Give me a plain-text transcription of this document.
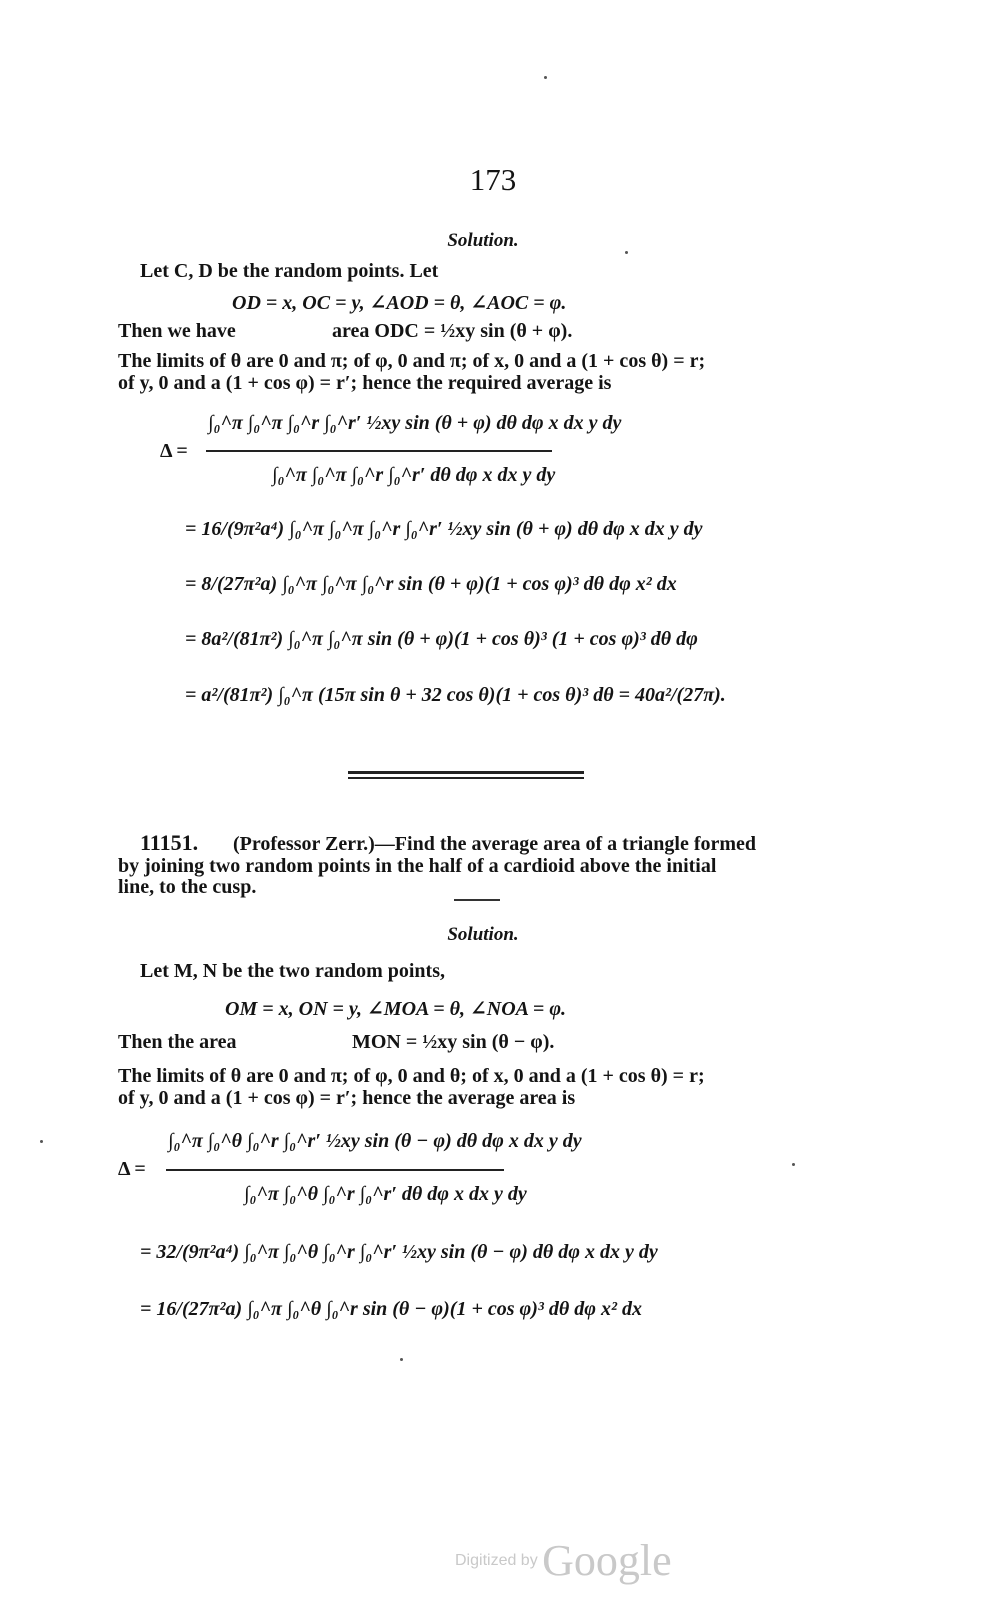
173
Solution.
Let C, D be the random points. Let
OD = x, OC = y, ∠AOD = θ, ∠AOC = φ.
Then we have	area ODC = ½xy sin (θ + φ).
The limits of θ are 0 and π; of φ, 0 and π; of x, 0 and a (1 + cos θ) = r;
of y, 0 and a (1 + cos φ) = r′; hence the required average is
Δ =
∫₀^π ∫₀^π ∫₀^r ∫₀^r′ ½xy sin (θ + φ) dθ dφ x dx y dy
∫₀^π ∫₀^π ∫₀^r ∫₀^r′ dθ dφ x dx y dy
= 16/(9π²a⁴) ∫₀^π ∫₀^π ∫₀^r ∫₀^r′ ½xy sin (θ + φ) dθ dφ x dx y dy
= 8/(27π²a) ∫₀^π ∫₀^π ∫₀^r sin (θ + φ)(1 + cos φ)³ dθ dφ x² dx
= 8a²/(81π²) ∫₀^π ∫₀^π sin (θ + φ)(1 + cos θ)³ (1 + cos φ)³ dθ dφ
= a²/(81π²) ∫₀^π (15π sin θ + 32 cos θ)(1 + cos θ)³ dθ = 40a²/(27π).
11151. (Professor Zerr.)—Find the average area of a triangle formed
by joining two random points in the half of a cardioid above the initial
line, to the cusp.
Solution.
Let M, N be the two random points,
OM = x, ON = y, ∠MOA = θ, ∠NOA = φ.
Then the area	MON = ½xy sin (θ − φ).
The limits of θ are 0 and π; of φ, 0 and θ; of x, 0 and a (1 + cos θ) = r;
of y, 0 and a (1 + cos φ) = r′; hence the average area is
Δ =
∫₀^π ∫₀^θ ∫₀^r ∫₀^r′ ½xy sin (θ − φ) dθ dφ x dx y dy
∫₀^π ∫₀^θ ∫₀^r ∫₀^r′ dθ dφ x dx y dy
= 32/(9π²a⁴) ∫₀^π ∫₀^θ ∫₀^r ∫₀^r′ ½xy sin (θ − φ) dθ dφ x dx y dy
= 16/(27π²a) ∫₀^π ∫₀^θ ∫₀^r sin (θ − φ)(1 + cos φ)³ dθ dφ x² dx
Digitized by Google
